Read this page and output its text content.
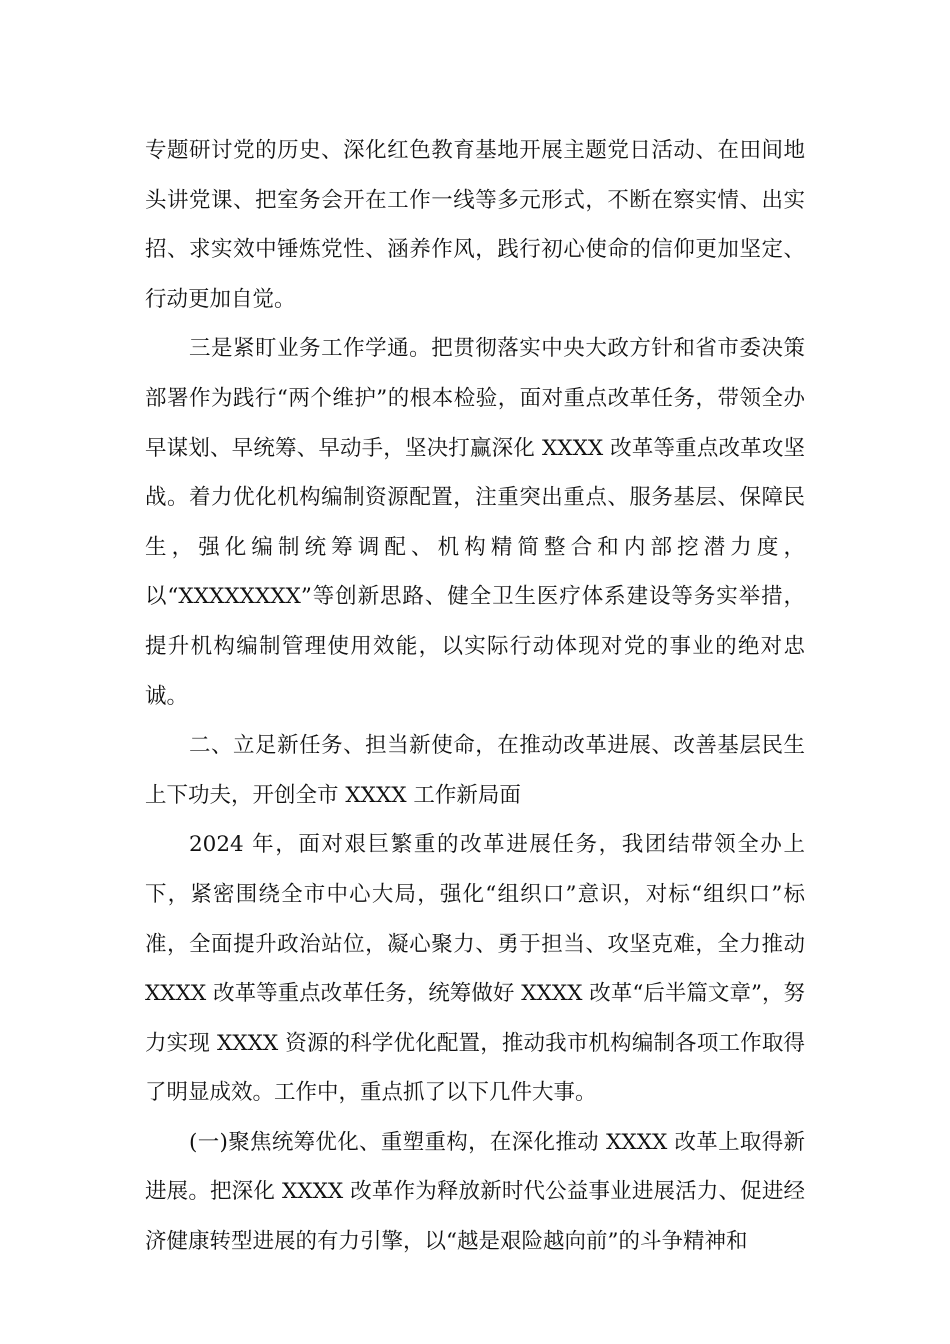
专题研讨党的历史、深化红色教育基地开展主题党日活动、在田间地头讲党课、把室务会开在工作一线等多元形式，不断在察实情、出实招、求实效中锤炼党性、涵养作风，践行初心使命的信仰更加坚定、行动更加自觉。

三是紧盯业务工作学通。把贯彻落实中央大政方针和省市委决策部署作为践行“两个维护”的根本检验，面对重点改革任务，带领全办早谋划、早统筹、早动手，坚决打赢深化 XXXX 改革等重点改革攻坚战。着力优化机构编制资源配置，注重突出重点、服务基层、保障民生，强化编制统筹调配、机构精简整合和内部挖潜力度，以“XXXXXXXX”等创新思路、健全卫生医疗体系建设等务实举措，提升机构编制管理使用效能，以实际行动体现对党的事业的绝对忠诚。

二、立足新任务、担当新使命，在推动改革进展、改善基层民生上下功夫，开创全市 XXXX 工作新局面

2024 年，面对艰巨繁重的改革进展任务，我团结带领全办上下，紧密围绕全市中心大局，强化“组织口”意识，对标“组织口”标准，全面提升政治站位，凝心聚力、勇于担当、攻坚克难，全力推动 XXXX 改革等重点改革任务，统筹做好 XXXX 改革“后半篇文章”，努力实现 XXXX 资源的科学优化配置，推动我市机构编制各项工作取得了明显成效。工作中，重点抓了以下几件大事。

(一)聚焦统筹优化、重塑重构，在深化推动 XXXX 改革上取得新进展。把深化 XXXX 改革作为释放新时代公益事业进展活力、促进经济健康转型进展的有力引擎，以“越是艰险越向前”的斗争精神和
